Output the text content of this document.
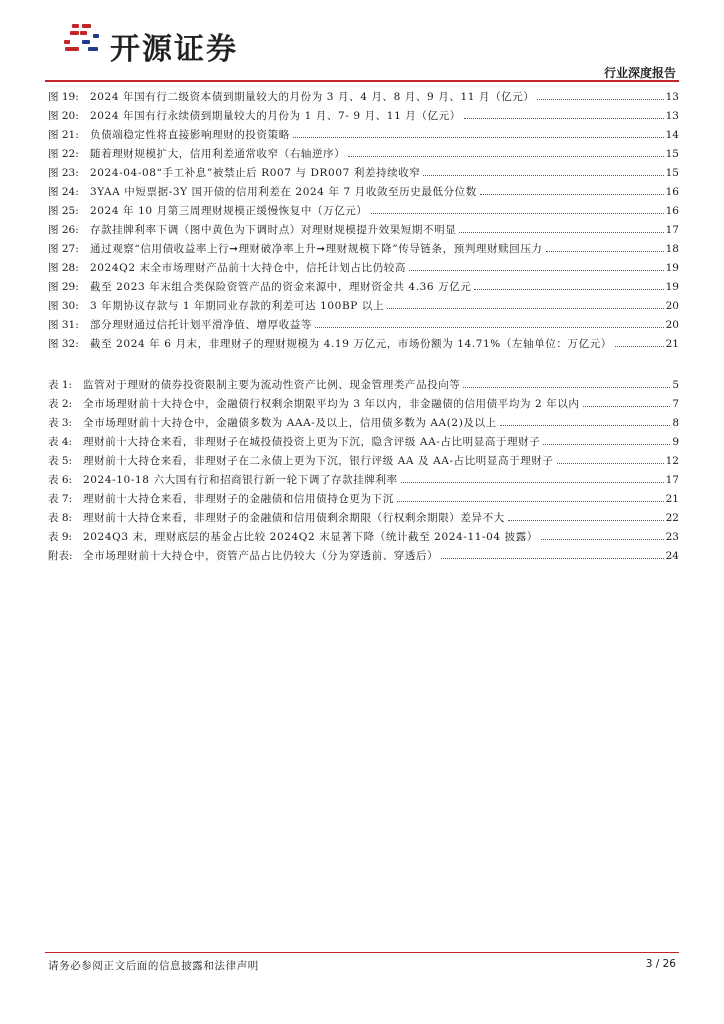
开源证券
行业深度报告
图 19: 2024 年国有行二级资本债到期量较大的月份为 3 月、4 月、8 月、9 月、11 月（亿元）	13
图 20: 2024 年国有行永续债到期量较大的月份为 1 月、7- 9 月、11 月（亿元）	13
图 21: 负债端稳定性将直接影响理财的投资策略	14
图 22: 随着理财规模扩大，信用利差通常收窄（右轴逆序）	15
图 23: 2024-04-08“手工补息”被禁止后 R007 与 DR007 利差持续收窄	15
图 24: 3YAA 中短票据-3Y 国开债的信用利差在 2024 年 7 月收敛至历史最低分位数	16
图 25: 2024 年 10 月第三周理财规模正缓慢恢复中（万亿元）	16
图 26: 存款挂牌利率下调（图中黄色为下调时点）对理财规模提升效果短期不明显	17
图 27: 通过观察“信用债收益率上行➞理财破净率上升➞理财规模下降”传导链条，预判理财赎回压力	18
图 28: 2024Q2 末全市场理财产品前十大持仓中，信托计划占比仍较高	19
图 29: 截至 2023 年末组合类保险资管产品的资金来源中，理财资金共 4.36 万亿元	19
图 30: 3 年期协议存款与 1 年期同业存款的利差可达 100BP 以上	20
图 31: 部分理财通过信托计划平滑净值、增厚收益等	20
图 32: 截至 2024 年 6 月末，非理财子的理财规模为 4.19 万亿元，市场份额为 14.71%（左轴单位：万亿元）	21
表 1: 监管对于理财的债券投资限制主要为流动性资产比例、现金管理类产品投向等	5
表 2: 全市场理财前十大持仓中，金融债行权剩余期限平均为 3 年以内，非金融债的信用债平均为 2 年以内	7
表 3: 全市场理财前十大持仓中，金融债多数为 AAA-及以上，信用债多数为 AA(2)及以上	8
表 4: 理财前十大持仓来看，非理财子在城投债投资上更为下沉，隐含评级 AA-占比明显高于理财子	9
表 5: 理财前十大持仓来看，非理财子在二永债上更为下沉，银行评级 AA 及 AA-占比明显高于理财子	12
表 6: 2024-10-18 六大国有行和招商银行新一轮下调了存款挂牌利率	17
表 7: 理财前十大持仓来看，非理财子的金融债和信用债持仓更为下沉	21
表 8: 理财前十大持仓来看，非理财子的金融债和信用债剩余期限（行权剩余期限）差异不大	22
表 9: 2024Q3 末，理财底层的基金占比较 2024Q2 末显著下降（统计截至 2024-11-04 披露）	23
附表: 全市场理财前十大持仓中，资管产品占比仍较大（分为穿透前、穿透后）	24
请务必参阅正文后面的信息披露和法律声明	3 / 26
